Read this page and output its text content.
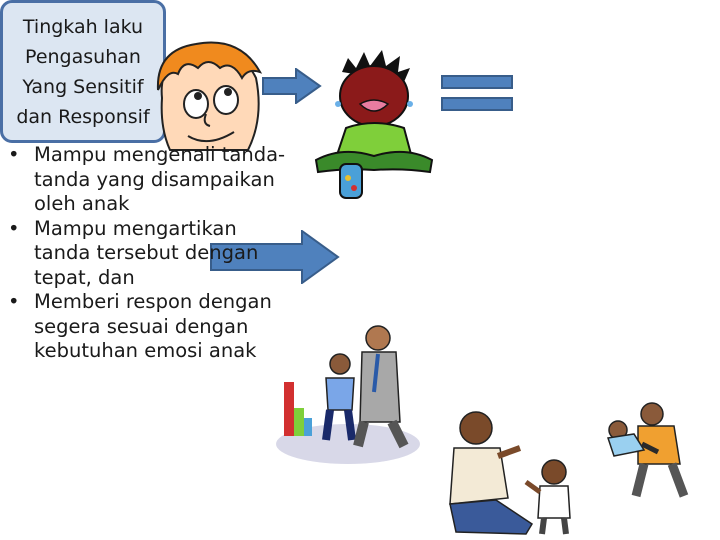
Tingkah laku
Pengasuhan
Yang Sensitif
dan Responsif
• Mampu mengenali tanda-tanda yang disampaikan oleh anak
• Mampu mengartikan tanda tersebut dengan tepat, dan
• Memberi respon dengan segera sesuai dengan kebutuhan emosi anak
